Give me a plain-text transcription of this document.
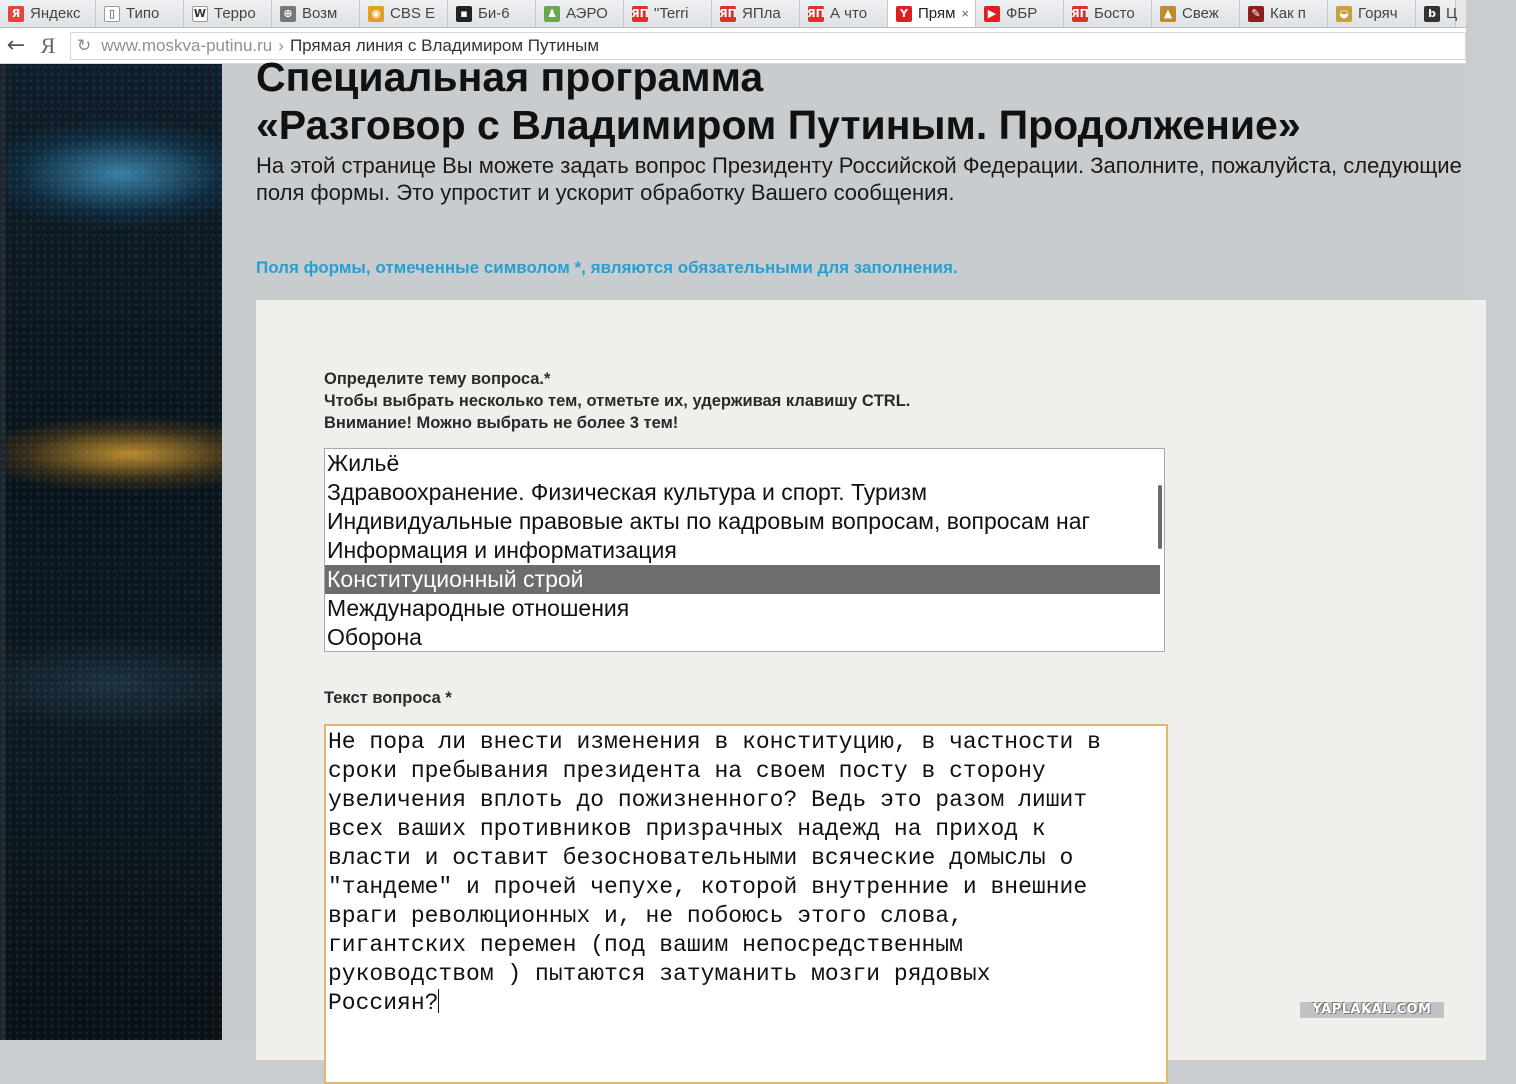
Я Яндекс	▯ Типо	W Терро	⊕ Возм	◉ CBS E	▪ Би-6	♟ АЭРО ЯП "Terri	ЯП ЯПла ЯП А что	Y Прям ×	▶ ФБР	ЯП Босто	▲ Свеж	✎ Как п	◒ Горяч	b Ц
← Я	↻ www.moskva-putinu.ru › Прямая линия с Владимиром Путиным
Специальная программа
«Разговор с Владимиром Путиным. Продолжение»
На этой странице Вы можете задать вопрос Президенту Российской Федерации. Заполните, пожалуйста, следующие поля формы. Это упростит и ускорит обработку Вашего сообщения.
Поля формы, отмеченные символом *, являются обязательными для заполнения.
Определите тему вопроса.*
Чтобы выбрать несколько тем, отметьте их, удерживая клавишу CTRL.
Внимание! Можно выбрать не более 3 тем!
Жильё
Здравоохранение. Физическая культура и спорт. Туризм
Индивидуальные правовые акты по кадровым вопросам, вопросам наг
Информация и информатизация
Конституционный строй
Международные отношения
Оборона
Текст вопроса *
Не пора ли внести изменения в конституцию, в частности в
сроки пребывания президента на своем посту в сторону
увеличения вплоть до пожизненного? Ведь это разом лишит
всех ваших противников призрачных надежд на приход к
власти и оставит безосновательными всяческие домыслы о
"тандеме" и прочей чепухе, которой внутренние и внешние
враги революционных и, не побоюсь этого слова,
гигантских перемен (под вашим непосредственным
руководством ) пытаются затуманить мозги рядовых
Россиян?	YAPLAKAL.COM
